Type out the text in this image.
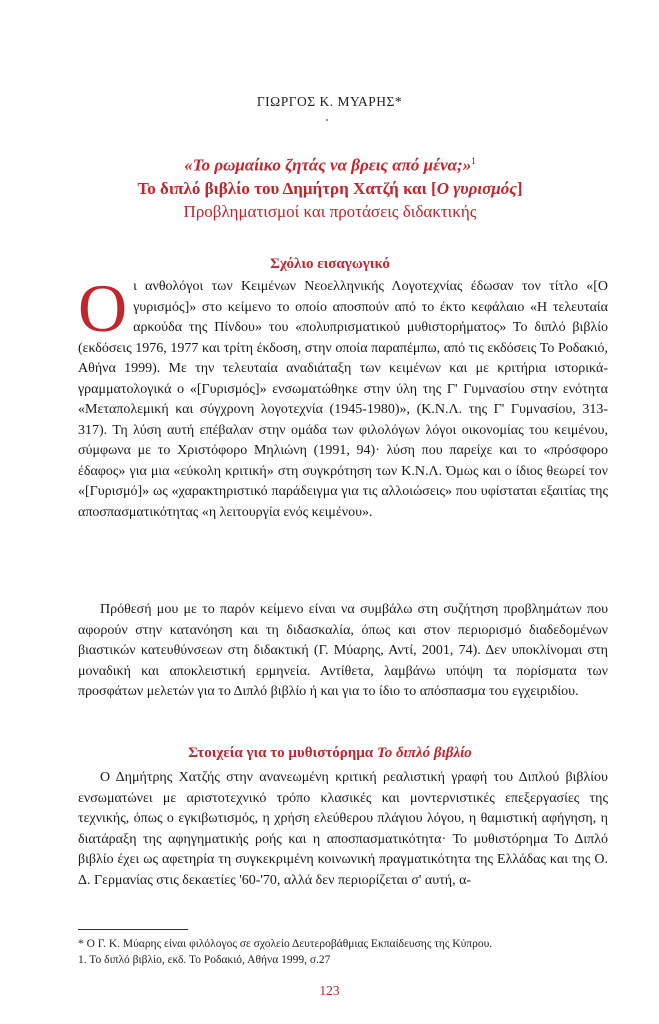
ΓΙΩΡΓΟΣ Κ. ΜΥΑΡΗΣ*
«Το ρωμαίικο ζητάς να βρεις από μένα;»$^1$
Το διπλό βιβλίο του Δημήτρη Χατζή και [Ο γυρισμός]
Προβληματισμοί και προτάσεις διδακτικής
Σχόλιο εισαγωγικό
Ο ι ανθολόγοι των Κειμένων Νεοελληνικής Λογοτεχνίας έδωσαν τον τίτλο «[Ο γυρισμός]» στο κείμενο το οποίο αποσπούν από το έκτο κεφάλαιο «Η τελευταία αρκούδα της Πίνδου» του «πολυπρισματικού μυθιστορήματος» Το διπλό βιβλίο (εκδόσεις 1976, 1977 και τρίτη έκδοση, στην οποία παραπέμπω, από τις εκδόσεις Το Ροδακιό, Αθήνα 1999). Με την τελευταία αναδιάταξη των κειμένων και με κριτήρια ιστορικά-γραμματολογικά ο «[Γυρισμός]» ενσωματώθηκε στην ύλη της Γ' Γυμνασίου στην ενότητα «Μεταπολεμική και σύγχρονη λογοτεχνία (1945-1980)», (Κ.Ν.Λ. της Γ' Γυμνασίου, 313-317). Τη λύση αυτή επέβαλαν στην ομάδα των φιλολόγων λόγοι οικονομίας του κειμένου, σύμφωνα με το Χριστόφορο Μηλιώνη (1991, 94)· λύση που παρείχε και το «πρόσφορο έδαφος» για μια «εύκολη κριτική» στη συγκρότηση των Κ.Ν.Λ. Όμως και ο ίδιος θεωρεί τον «[Γυρισμό]» ως «χαρακτηριστικό παράδειγμα για τις αλλοιώσεις» που υφίσταται εξαιτίας της αποσπασματικότητας «η λειτουργία ενός κειμένου».

Πρόθεσή μου με το παρόν κείμενο είναι να συμβάλω στη συζήτηση προβλημάτων που αφορούν στην κατανόηση και τη διδασκαλία, όπως και στον περιορισμό διαδεδομένων βιαστικών κατευθύνσεων στη διδακτική (Γ. Μύαρης, Αντί, 2001, 74). Δεν υποκλίνομαι στη μοναδική και αποκλειστική ερμηνεία. Αντίθετα, λαμβάνω υπόψη τα πορίσματα των προσφάτων μελετών για το Διπλό βιβλίο ή και για το ίδιο το απόσπασμα του εγχειριδίου.

Στοιχεία για το μυθιστόρημα Το διπλό βιβλίο

Ο Δημήτρης Χατζής στην ανανεωμένη κριτική ρεαλιστική γραφή του Διπλού βιβλίου ενσωματώνει με αριστοτεχνικό τρόπο κλασικές και μοντερνιστικές επεξεργασίες της τεχνικής, όπως ο εγκιβωτισμός, η χρήση ελεύθερου πλάγιου λόγου, η θαμιστική αφήγηση, η διατάραξη της αφηγηματικής ροής και η αποσπασματικότητα· Το μυθιστόρημα Το Διπλό βιβλίο έχει ως αφετηρία τη συγκεκριμένη κοινωνική πραγματικότητα της Ελλάδας και της Ο. Δ. Γερμανίας στις δεκαετίες '60-'70, αλλά δεν περιορίζεται σ' αυτή, α-

* Ο Γ. Κ. Μύαρης είναι φιλόλογος σε σχολείο Δευτεροβάθμιας Εκπαίδευσης της Κύπρου.
1. Το διπλό βιβλίο, εκδ. Το Ροδακιό, Αθήνα 1999, σ.27
123
